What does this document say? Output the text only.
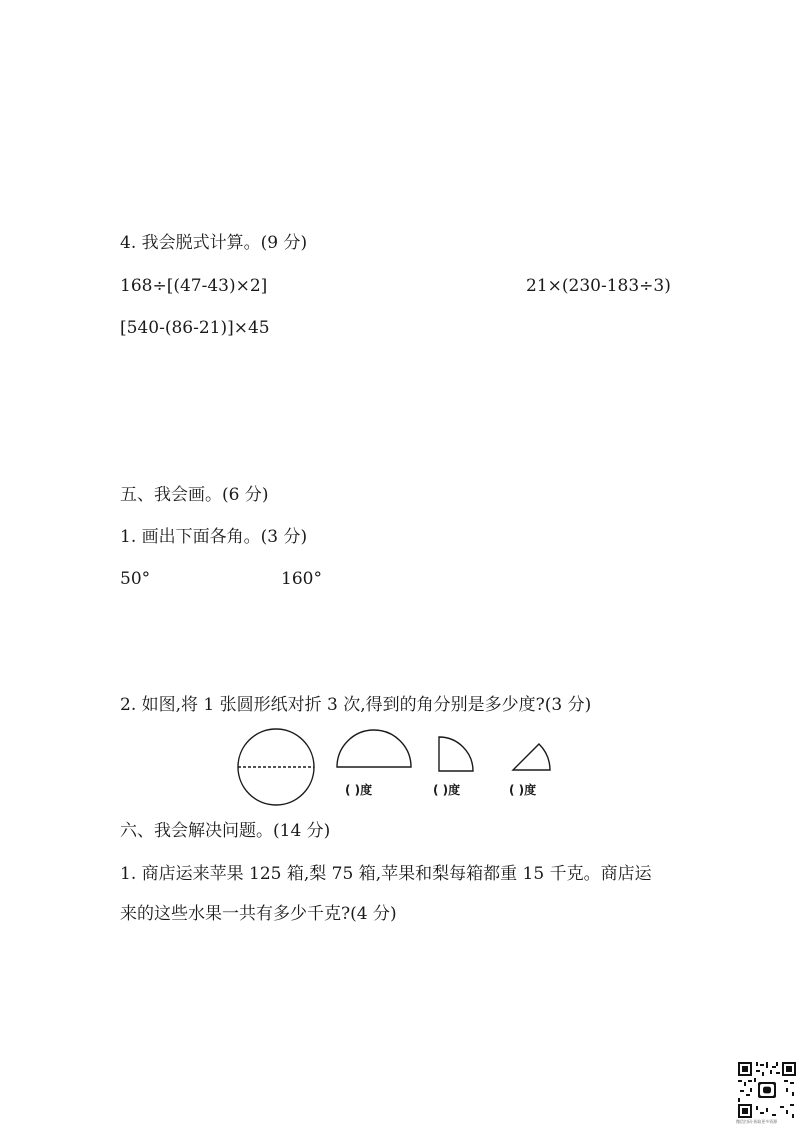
4. 我会脱式计算。(9 分)
168÷[(47-43)×2]	21×(230-183÷3)
[540-(86-21)]×45
五、我会画。(6 分)
1. 画出下面各角。(3 分)
50°	160°
2. 如图,将 1 张圆形纸对折 3 次,得到的角分别是多少度?(3 分)
( )度	( )度	( )度
六、我会解决问题。(14 分)
1. 商店运来苹果 125 箱,梨 75 箱,苹果和梨每箱都重 15 千克。商店运
来的这些水果一共有多少千克?(4 分)
微信扫码·获取更多资源
